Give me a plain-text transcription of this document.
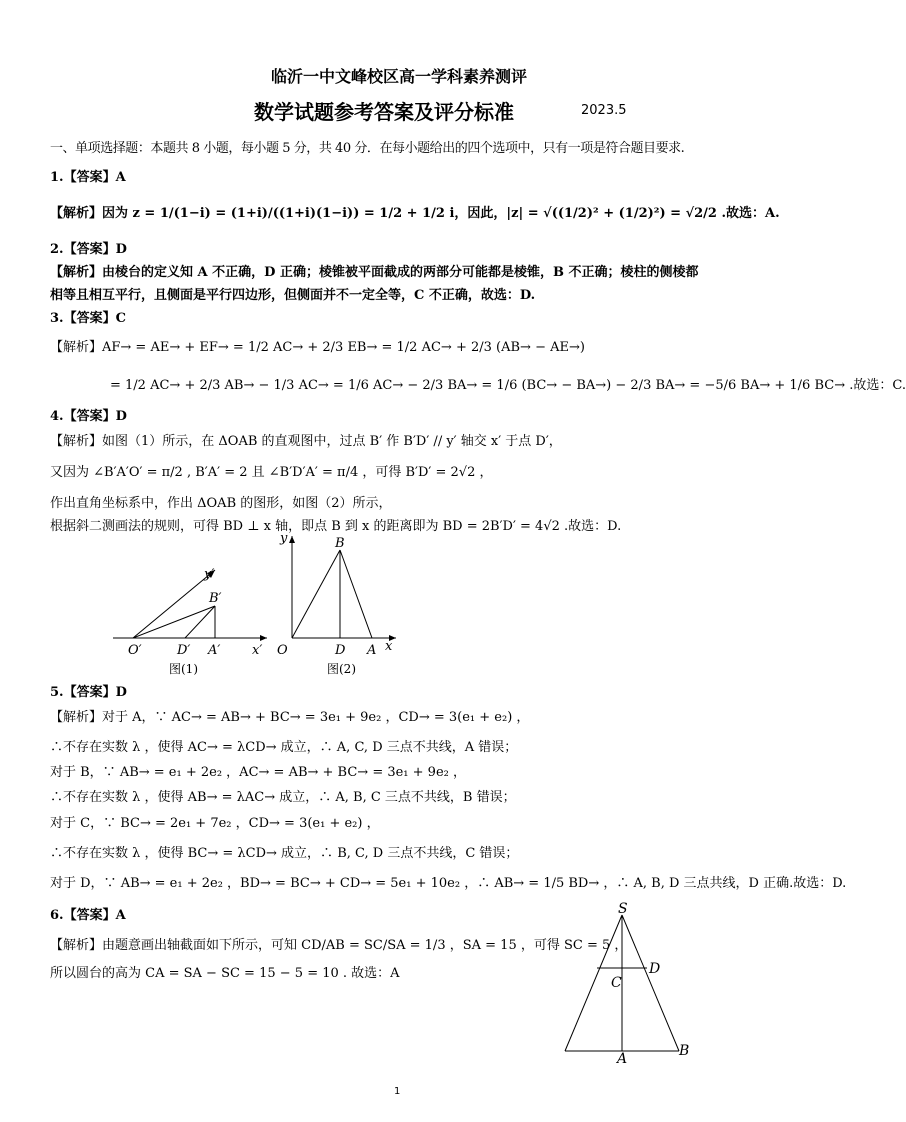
临沂一中文峰校区高一学科素养测评
数学试题参考答案及评分标准	2023.5
一、单项选择题：本题共 8 小题，每小题 5 分，共 40 分．在每小题给出的四个选项中，只有一项是符合题目要求.
1.【答案】A
【解析】因为 z = 1/(1−i) = (1+i)/((1+i)(1−i)) = 1/2 + 1/2 i，因此，|z| = √((1/2)² + (1/2)²) = √2/2 .故选：A.
2.【答案】D
【解析】由棱台的定义知 A 不正确，D 正确；棱锥被平面截成的两部分可能都是棱锥，B 不正确；棱柱的侧棱都
相等且相互平行，且侧面是平行四边形，但侧面并不一定全等，C 不正确，故选：D.
3.【答案】C
【解析】AF→ = AE→ + EF→ = 1/2 AC→ + 2/3 EB→ = 1/2 AC→ + 2/3 (AB→ − AE→)
= 1/2 AC→ + 2/3 AB→ − 1/3 AC→ = 1/6 AC→ − 2/3 BA→ = 1/6 (BC→ − BA→) − 2/3 BA→ = −5/6 BA→ + 1/6 BC→ .故选：C.
4.【答案】D
【解析】如图（1）所示，在 ΔOAB 的直观图中，过点 B′ 作 B′D′ // y′ 轴交 x′ 于点 D′，
又因为 ∠B′A′O′ = π/2 , B′A′ = 2 且 ∠B′D′A′ = π/4 ，可得 B′D′ = 2√2 ，
作出直角坐标系中，作出 ΔOAB 的图形，如图（2）所示，
根据斜二测画法的规则，可得 BD ⊥ x 轴，即点 B 到 x 的距离即为 BD = 2B′D′ = 4√2 .故选：D.
y′
B′
O′	D′ A′ x′
图(1)
y	B
O	D A x
图(2)
5.【答案】D
【解析】对于 A，∵ AC→ = AB→ + BC→ = 3e₁ + 9e₂ ，CD→ = 3(e₁ + e₂) ，
∴不存在实数 λ ，使得 AC→ = λCD→ 成立，∴ A, C, D 三点不共线，A 错误；
对于 B，∵ AB→ = e₁ + 2e₂ ，AC→ = AB→ + BC→ = 3e₁ + 9e₂ ，
∴不存在实数 λ ，使得 AB→ = λAC→ 成立，∴ A, B, C 三点不共线，B 错误；
对于 C，∵ BC→ = 2e₁ + 7e₂ ，CD→ = 3(e₁ + e₂) ，
∴不存在实数 λ ，使得 BC→ = λCD→ 成立，∴ B, C, D 三点不共线，C 错误；
对于 D，∵ AB→ = e₁ + 2e₂ ，BD→ = BC→ + CD→ = 5e₁ + 10e₂ ，∴ AB→ = 1/5 BD→ ，∴ A, B, D 三点共线，D 正确.故选：D.
6.【答案】A
【解析】由题意画出轴截面如下所示，可知 CD/AB = SC/SA = 1/3 ，SA = 15 ，可得 SC = 5 ，
所以圆台的高为 CA = SA − SC = 15 − 5 = 10 . 故选：A
S
C
D
A	B
1
